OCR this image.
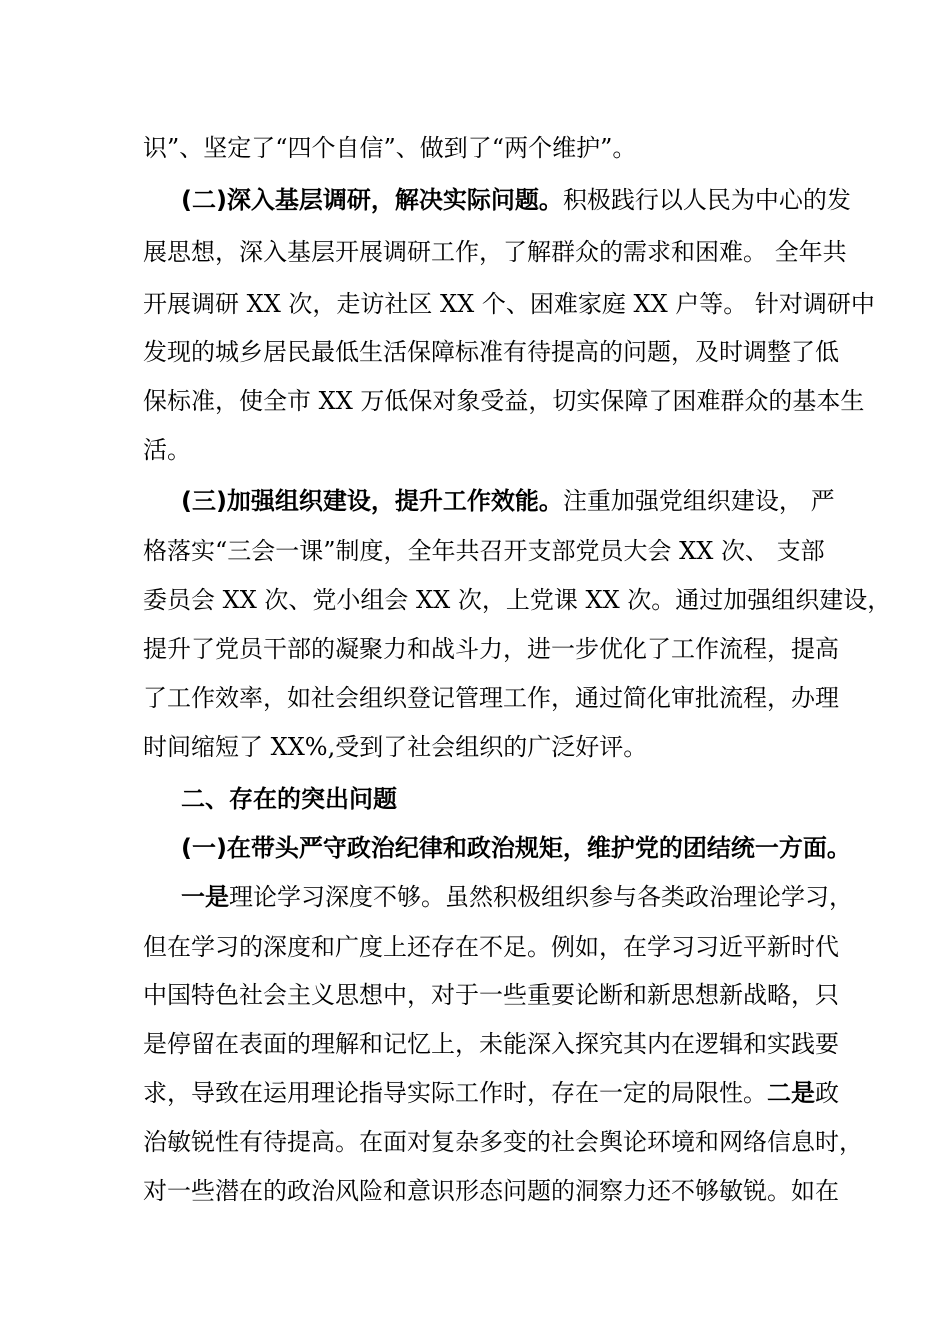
识”、坚定了“四个自信”、做到了“两个维护”。
(二)深入基层调研，解决实际问题。积极践行以人民为中心的发
展思想，深入基层开展调研工作，了解群众的需求和困难。 全年共
开展调研 XX 次，走访社区 XX 个、困难家庭 XX 户等。 针对调研中
发现的城乡居民最低生活保障标准有待提高的问题，及时调整了低
保标准，使全市 XX 万低保对象受益，切实保障了困难群众的基本生
活。
(三)加强组织建设，提升工作效能。注重加强党组织建设， 严
格落实“三会一课”制度，全年共召开支部党员大会 XX 次、 支部
委员会 XX 次、党小组会 XX 次，上党课 XX 次。通过加强组织建设，
提升了党员干部的凝聚力和战斗力，进一步优化了工作流程，提高
了工作效率，如社会组织登记管理工作，通过简化审批流程，办理
时间缩短了 XX%,受到了社会组织的广泛好评。
二、存在的突出问题
(一)在带头严守政治纪律和政治规矩，维护党的团结统一方面。
一是理论学习深度不够。虽然积极组织参与各类政治理论学习，
但在学习的深度和广度上还存在不足。例如，在学习习近平新时代
中国特色社会主义思想中，对于一些重要论断和新思想新战略，只
是停留在表面的理解和记忆上，未能深入探究其内在逻辑和实践要
求，导致在运用理论指导实际工作时，存在一定的局限性。二是政
治敏锐性有待提高。在面对复杂多变的社会舆论环境和网络信息时，
对一些潜在的政治风险和意识形态问题的洞察力还不够敏锐。如在
